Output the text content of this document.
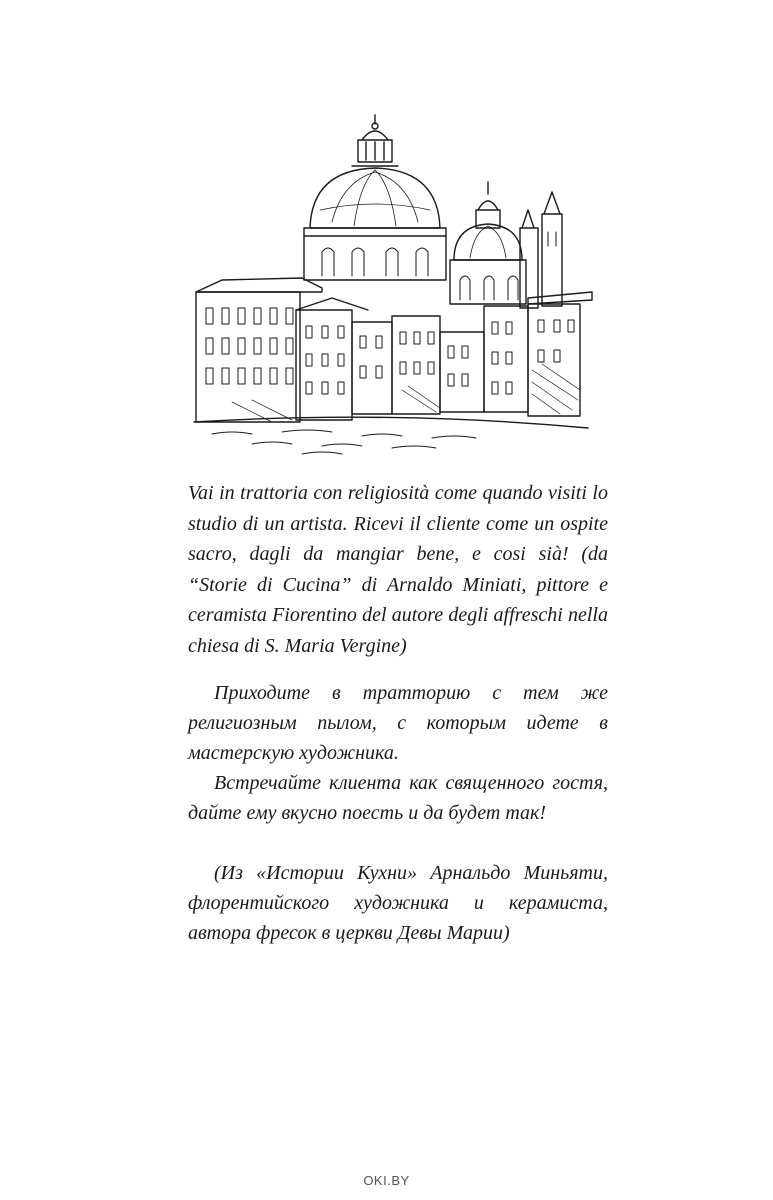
Vai in trattoria con religiosità come quando visiti lo studio di un artista. Ricevi il cliente come un ospite sacro, dagli da mangiar bene, e cosi sià! (da “Storie di Cucina” di Arnaldo Miniati, pittore e ceramista Fiorentino del autore degli affreschi nella chiesa di S. Maria Vergine)

Приходите в тратторию с тем же религиозным пылом, с которым идете в мастерскую художника.

Встречайте клиента как священного гостя, дайте ему вкусно поесть и да будет так!

(Из «Истории Кухни» Арнальдо Миньяти, флорентийского художника и керамиста, автора фресок в церкви Девы Марии)

OKI.BY
